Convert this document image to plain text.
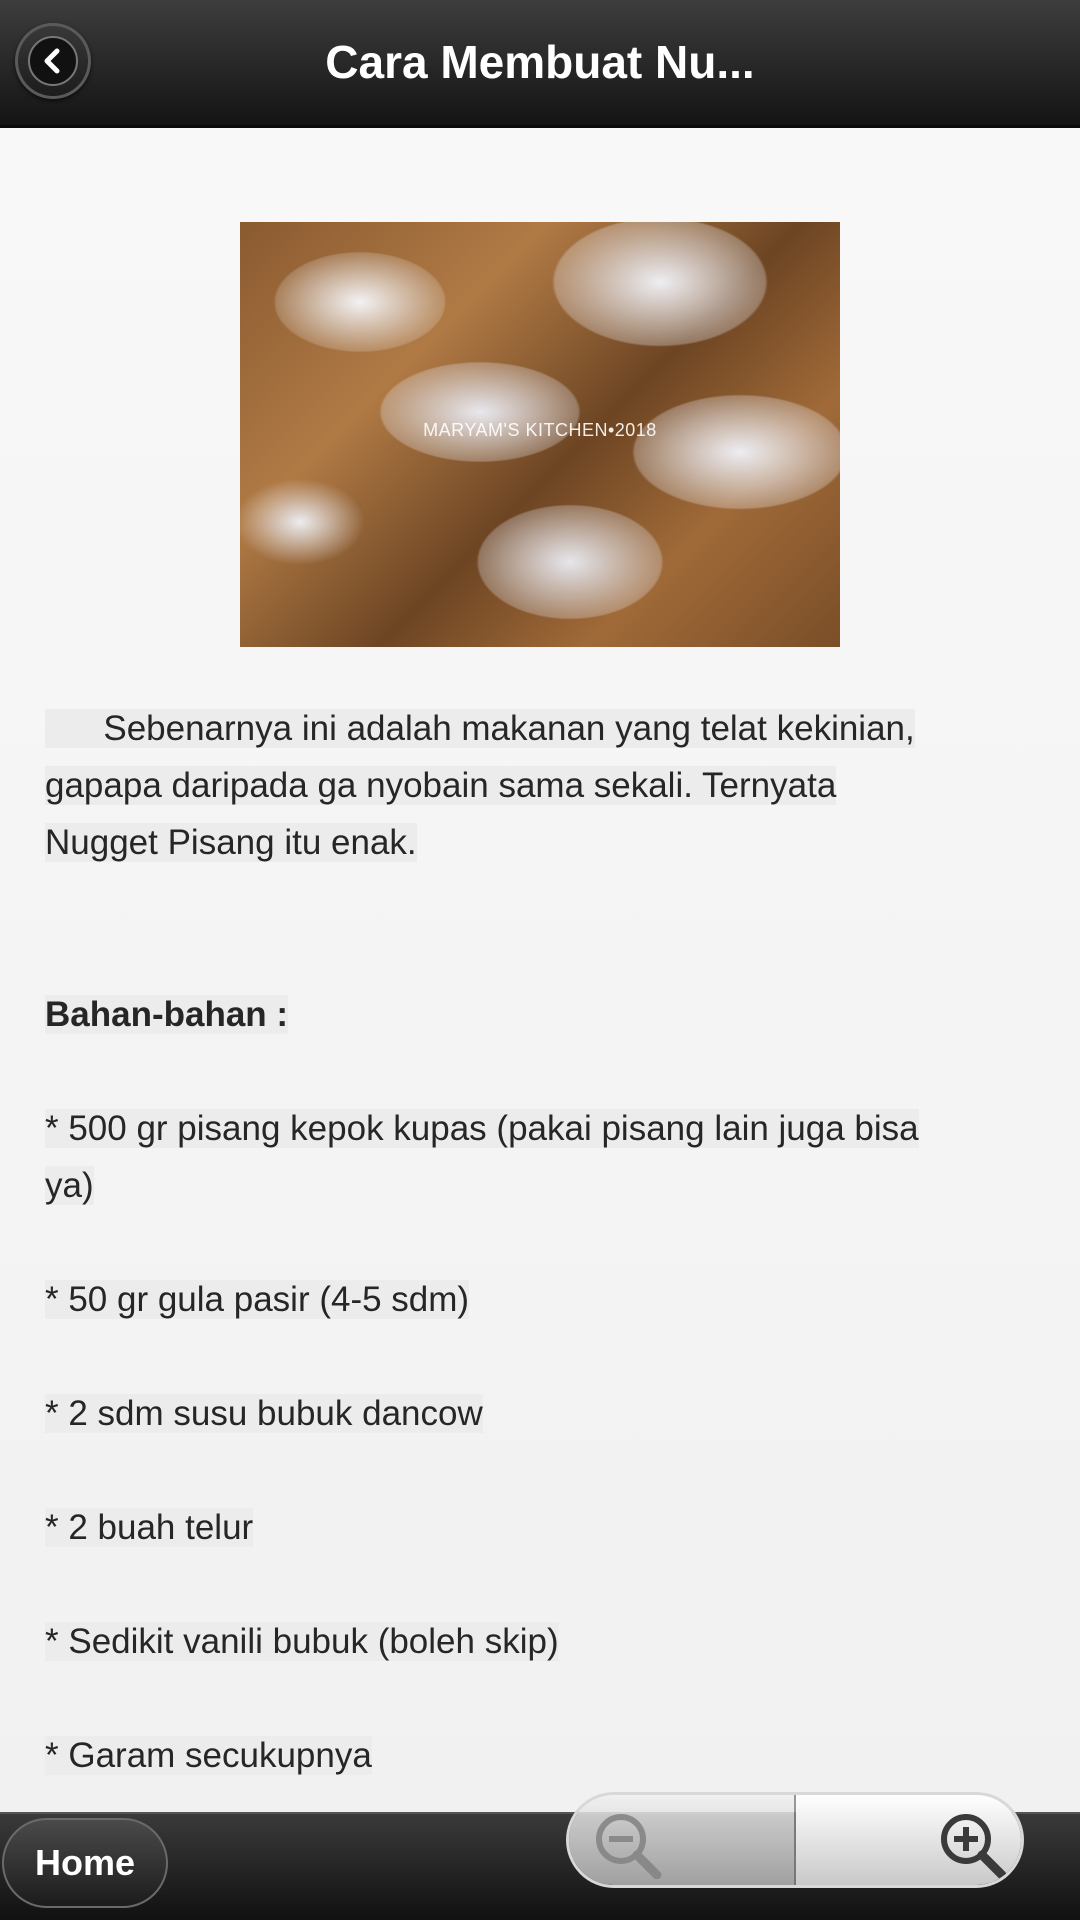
Cara Membuat Nu...
MARYAM'S KITCHEN•2018
Sebenarnya ini adalah makanan yang telat kekinian,
gapapa daripada ga nyobain sama sekali. Ternyata
Nugget Pisang itu enak.
Bahan-bahan :
* 500 gr pisang kepok kupas (pakai pisang lain juga bisa
ya)
* 50 gr gula pasir (4-5 sdm)
* 2 sdm susu bubuk dancow
* 2 buah telur
* Sedikit vanili bubuk (boleh skip)
* Garam secukupnya
Home
